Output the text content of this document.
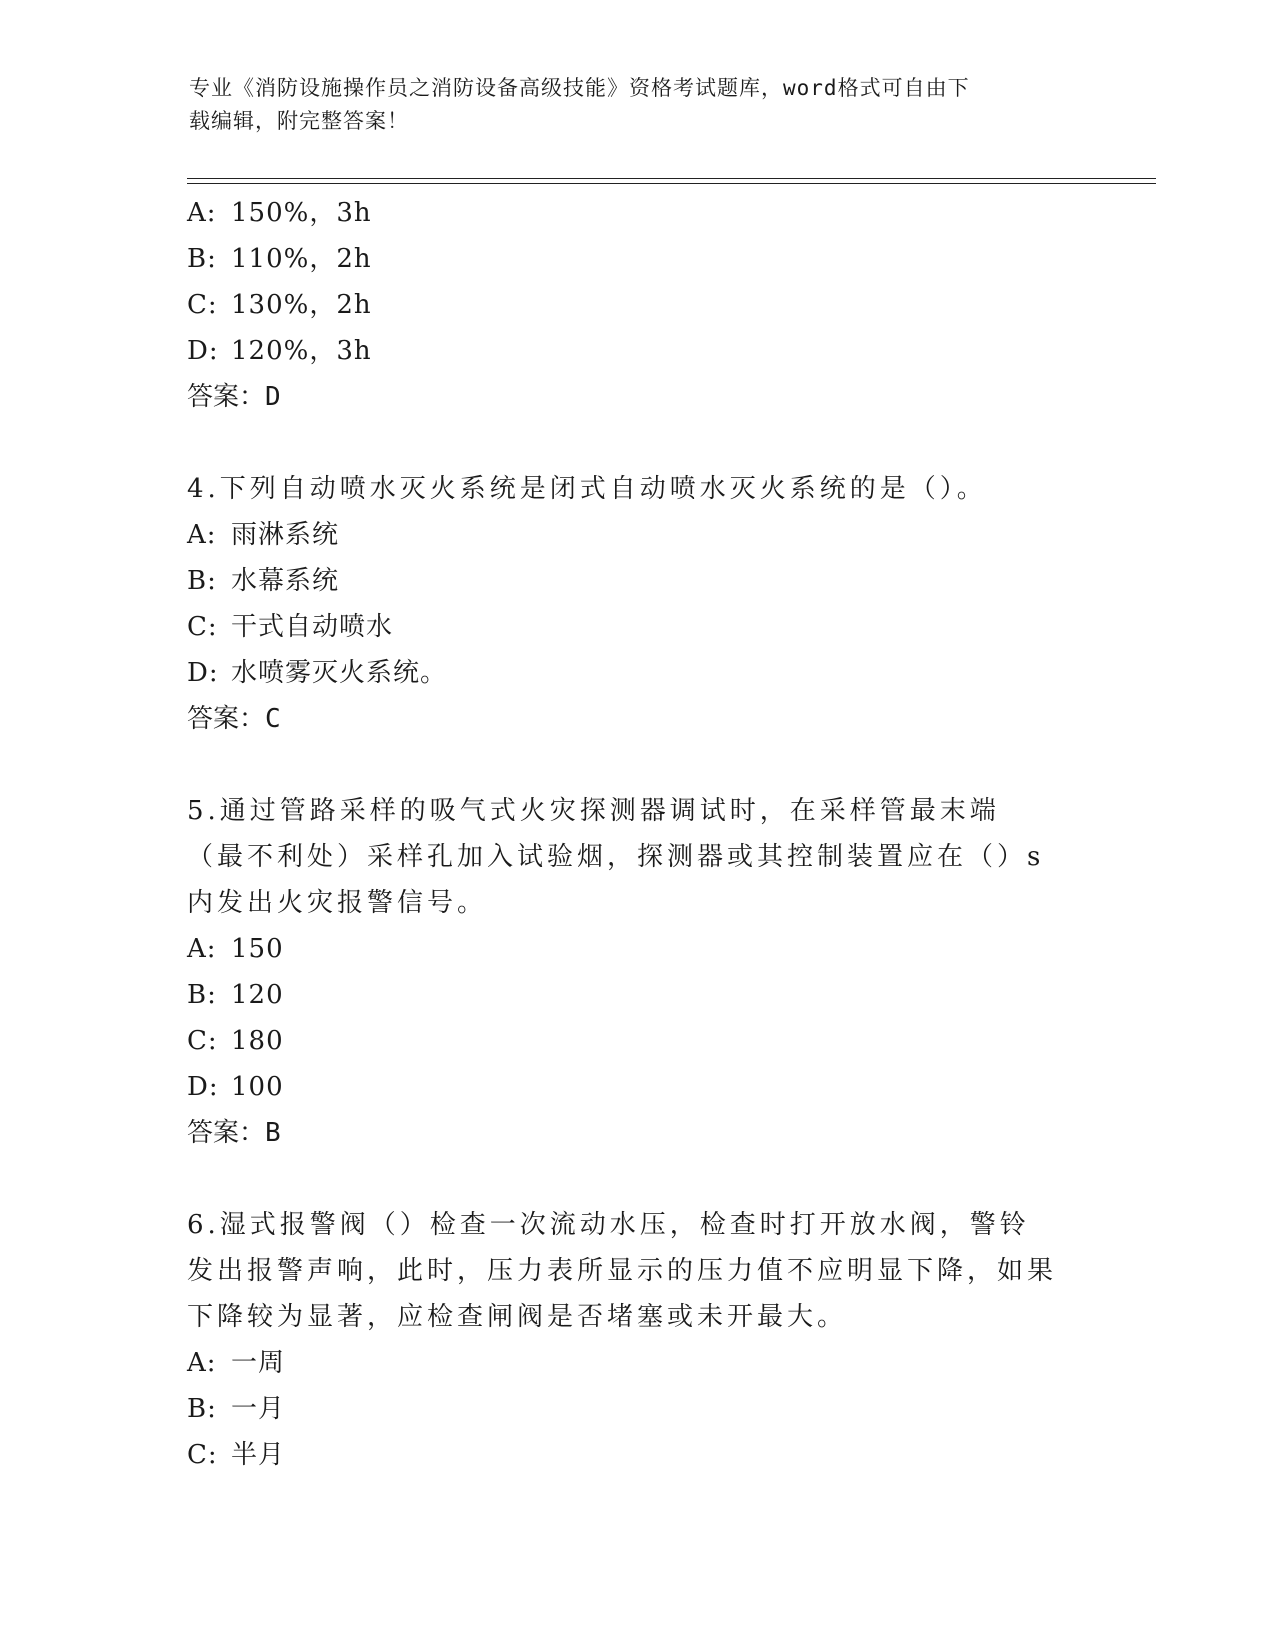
专业《消防设施操作员之消防设备高级技能》资格考试题库，word格式可自由下
载编辑，附完整答案！
A: 150%，3h
B: 110%，2h
C: 130%，2h
D: 120%，3h
答案：D
4.下列自动喷水灭火系统是闭式自动喷水灭火系统的是（）。
A: 雨淋系统
B: 水幕系统
C: 干式自动喷水
D: 水喷雾灭火系统。
答案：C
5.通过管路采样的吸气式火灾探测器调试时，在采样管最末端（最不利处）采样孔加入试验烟，探测器或其控制装置应在（）s内发出火灾报警信号。
A: 150
B: 120
C: 180
D: 100
答案：B
6.湿式报警阀（）检查一次流动水压，检查时打开放水阀，警铃发出报警声响，此时，压力表所显示的压力值不应明显下降，如果下降较为显著，应检查闸阀是否堵塞或未开最大。
A: 一周
B: 一月
C: 半月
